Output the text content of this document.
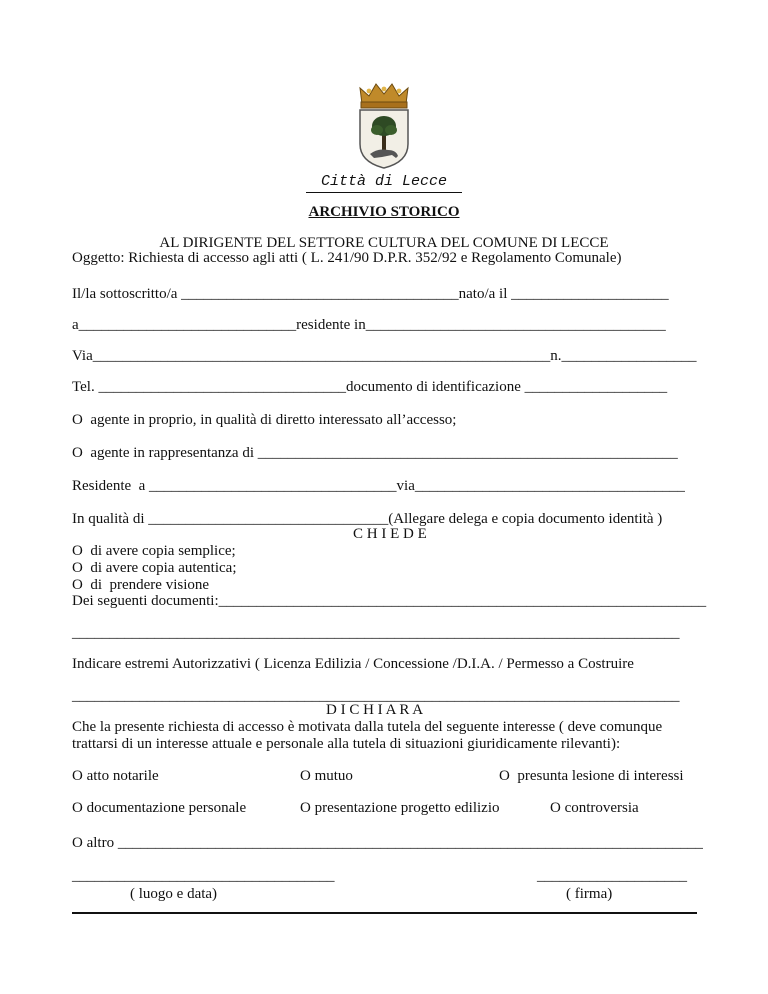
Città di Lecce
ARCHIVIO STORICO
AL DIRIGENTE DEL SETTORE CULTURA DEL COMUNE DI LECCE
Oggetto: Richiesta di accesso agli atti ( L. 241/90 D.P.R. 352/92 e Regolamento Comunale)
Il/la sottoscritto/a _____________________________________nato/a il _____________________
a_____________________________residente in________________________________________
Via_____________________________________________________________n.__________________
Tel. _________________________________documento di identificazione ___________________
O  agente in proprio, in qualità di diretto interessato all’accesso;
O  agente in rappresentanza di ________________________________________________________
Residente  a _________________________________via____________________________________
In qualità di ________________________________(Allegare delega e copia documento identità )
C H I E D E
O  di avere copia semplice;
O  di avere copia autentica;
O  di  prendere visione
Dei seguenti documenti:_________________________________________________________________
_________________________________________________________________________________
Indicare estremi Autorizzativi ( Licenza Edilizia / Concessione /D.I.A. / Permesso a Costruire
_________________________________________________________________________________
D I C H I A R A
Che la presente richiesta di accesso è motivata dalla tutela del seguente interesse ( deve comunque
trattarsi di un interesse attuale e personale alla tutela di situazioni giuridicamente rilevanti):
O atto notarile	O mutuo	O  presunta lesione di interessi
O documentazione personale	O presentazione progetto edilizio	O controversia
O altro ______________________________________________________________________________
___________________________________
( luogo e data)
____________________
( firma)
